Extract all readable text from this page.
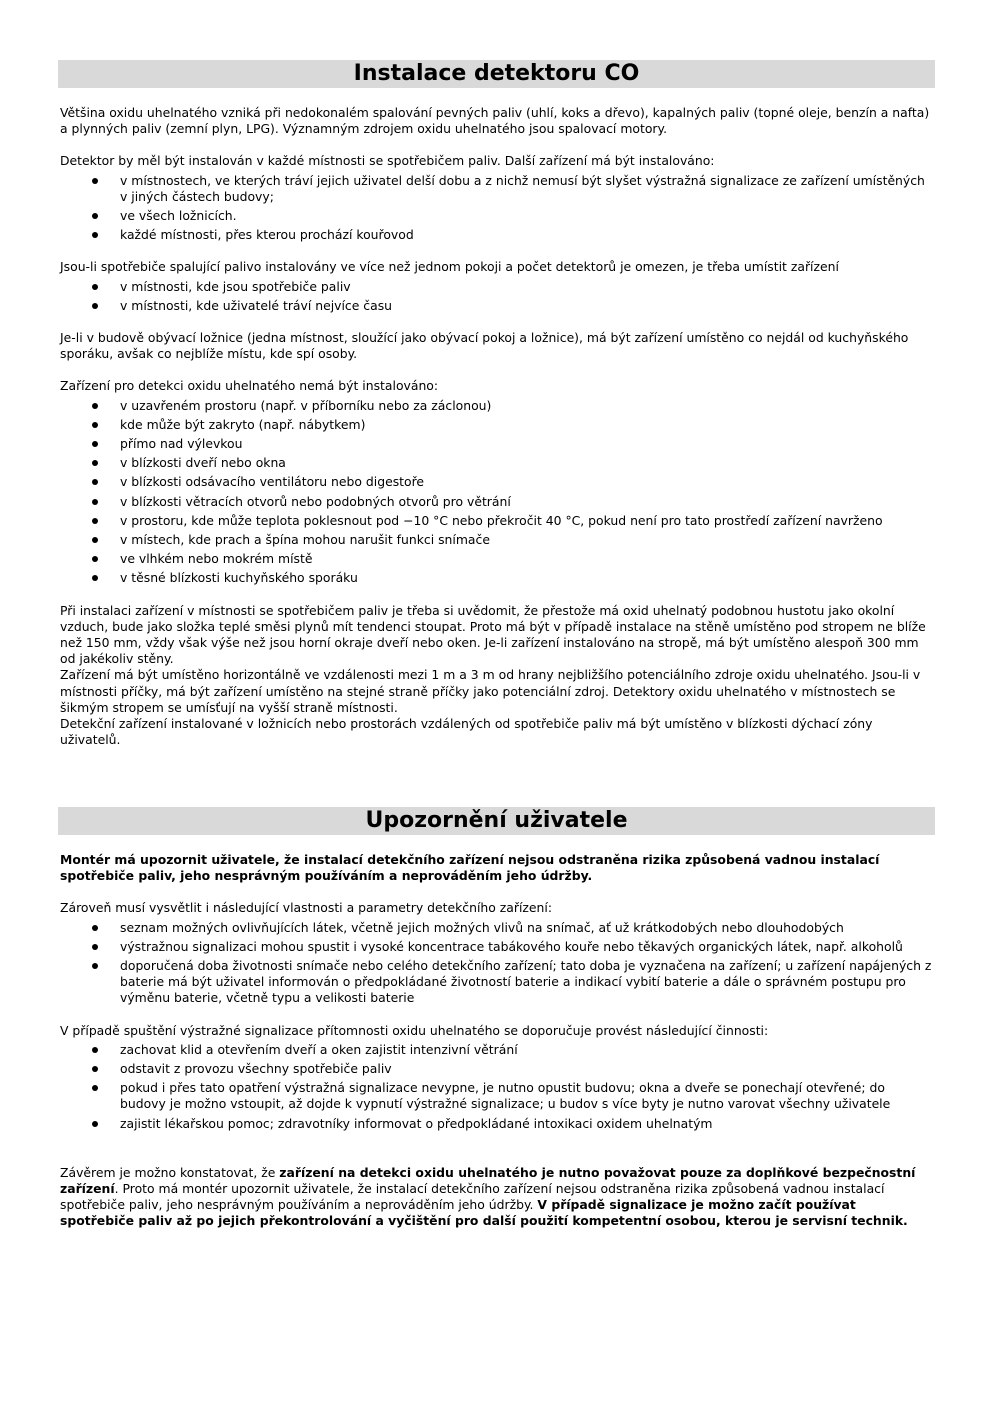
Instalace detektoru CO

Většina oxidu uhelnatého vzniká při nedokonalém spalování pevných paliv (uhlí, koks a dřevo), kapalných paliv (topné oleje, benzín a nafta) a plynných paliv (zemní plyn, LPG). Významným zdrojem oxidu uhelnatého jsou spalovací motory.

Detektor by měl být instalován v každé místnosti se spotřebičem paliv. Další zařízení má být instalováno:

v místnostech, ve kterých tráví jejich uživatel delší dobu a z nichž nemusí být slyšet výstražná signalizace ze zařízení umístěných v jiných částech budovy;
ve všech ložnicích.
každé místnosti, přes kterou prochází kouřovod

Jsou-li spotřebiče spalující palivo instalovány ve více než jednom pokoji a počet detektorů je omezen, je třeba umístit zařízení

v místnosti, kde jsou spotřebiče paliv
v místnosti, kde uživatelé tráví nejvíce času

Je-li v budově obývací ložnice (jedna místnost, sloužící jako obývací pokoj a ložnice), má být zařízení umístěno co nejdál od kuchyňského sporáku, avšak co nejblíže místu, kde spí osoby.

Zařízení pro detekci oxidu uhelnatého nemá být instalováno:

v uzavřeném prostoru (např. v příborníku nebo za záclonou)
kde může být zakryto (např. nábytkem)
přímo nad výlevkou
v blízkosti dveří nebo okna
v blízkosti odsávacího ventilátoru nebo digestoře
v blízkosti větracích otvorů nebo podobných otvorů pro větrání
v prostoru, kde může teplota poklesnout pod −10 °C nebo překročit 40 °C, pokud není pro tato prostředí zařízení navrženo
v místech, kde prach a špína mohou narušit funkci snímače
ve vlhkém nebo mokrém místě
v těsné blízkosti kuchyňského sporáku

Při instalaci zařízení v místnosti se spotřebičem paliv je třeba si uvědomit, že přestože má oxid uhelnatý podobnou hustotu jako okolní vzduch, bude jako složka teplé směsi plynů mít tendenci stoupat. Proto má být v případě instalace na stěně umístěno pod stropem ne blíže než 150 mm, vždy však výše než jsou horní okraje dveří nebo oken. Je-li zařízení instalováno na stropě, má být umístěno alespoň 300 mm od jakékoliv stěny.

Zařízení má být umístěno horizontálně ve vzdálenosti mezi 1 m a 3 m od hrany nejbližšího potenciálního zdroje oxidu uhelnatého. Jsou-li v místnosti příčky, má být zařízení umístěno na stejné straně příčky jako potenciální zdroj. Detektory oxidu uhelnatého v místnostech se šikmým stropem se umísťují na vyšší straně místnosti.

Detekční zařízení instalované v ložnicích nebo prostorách vzdálených od spotřebiče paliv má být umístěno v blízkosti dýchací zóny uživatelů.

Upozornění uživatele

Montér má upozornit uživatele, že instalací detekčního zařízení nejsou odstraněna rizika způsobená vadnou instalací spotřebiče paliv, jeho nesprávným používáním a neprováděním jeho údržby.

Zároveň musí vysvětlit i následující vlastnosti a parametry detekčního zařízení:

seznam možných ovlivňujících látek, včetně jejich možných vlivů na snímač, ať už krátkodobých nebo dlouhodobých
výstražnou signalizaci mohou spustit i vysoké koncentrace tabákového kouře nebo těkavých organických látek, např. alkoholů
doporučená doba životnosti snímače nebo celého detekčního zařízení; tato doba je vyznačena na zařízení; u zařízení napájených z baterie má být uživatel informován o předpokládané životností baterie a indikací vybití baterie a dále o správném postupu pro výměnu baterie, včetně typu a velikosti baterie

V případě spuštění výstražné signalizace přítomnosti oxidu uhelnatého se doporučuje provést následující činnosti:

zachovat klid a otevřením dveří a oken zajistit intenzivní větrání
odstavit z provozu všechny spotřebiče paliv
pokud i přes tato opatření výstražná signalizace nevypne, je nutno opustit budovu; okna a dveře se ponechají otevřené; do budovy je možno vstoupit, až dojde k vypnutí výstražné signalizace; u budov s více byty je nutno varovat všechny uživatele
zajistit lékařskou pomoc; zdravotníky informovat o předpokládané intoxikaci oxidem uhelnatým

Závěrem je možno konstatovat, že zařízení na detekci oxidu uhelnatého je nutno považovat pouze za doplňkové bezpečnostní zařízení. Proto má montér upozornit uživatele, že instalací detekčního zařízení nejsou odstraněna rizika způsobená vadnou instalací spotřebiče paliv, jeho nesprávným používáním a neprováděním jeho údržby. V případě signalizace je možno začít používat spotřebiče paliv až po jejich překontrolování a vyčištění pro další použití kompetentní osobou, kterou je servisní technik.
